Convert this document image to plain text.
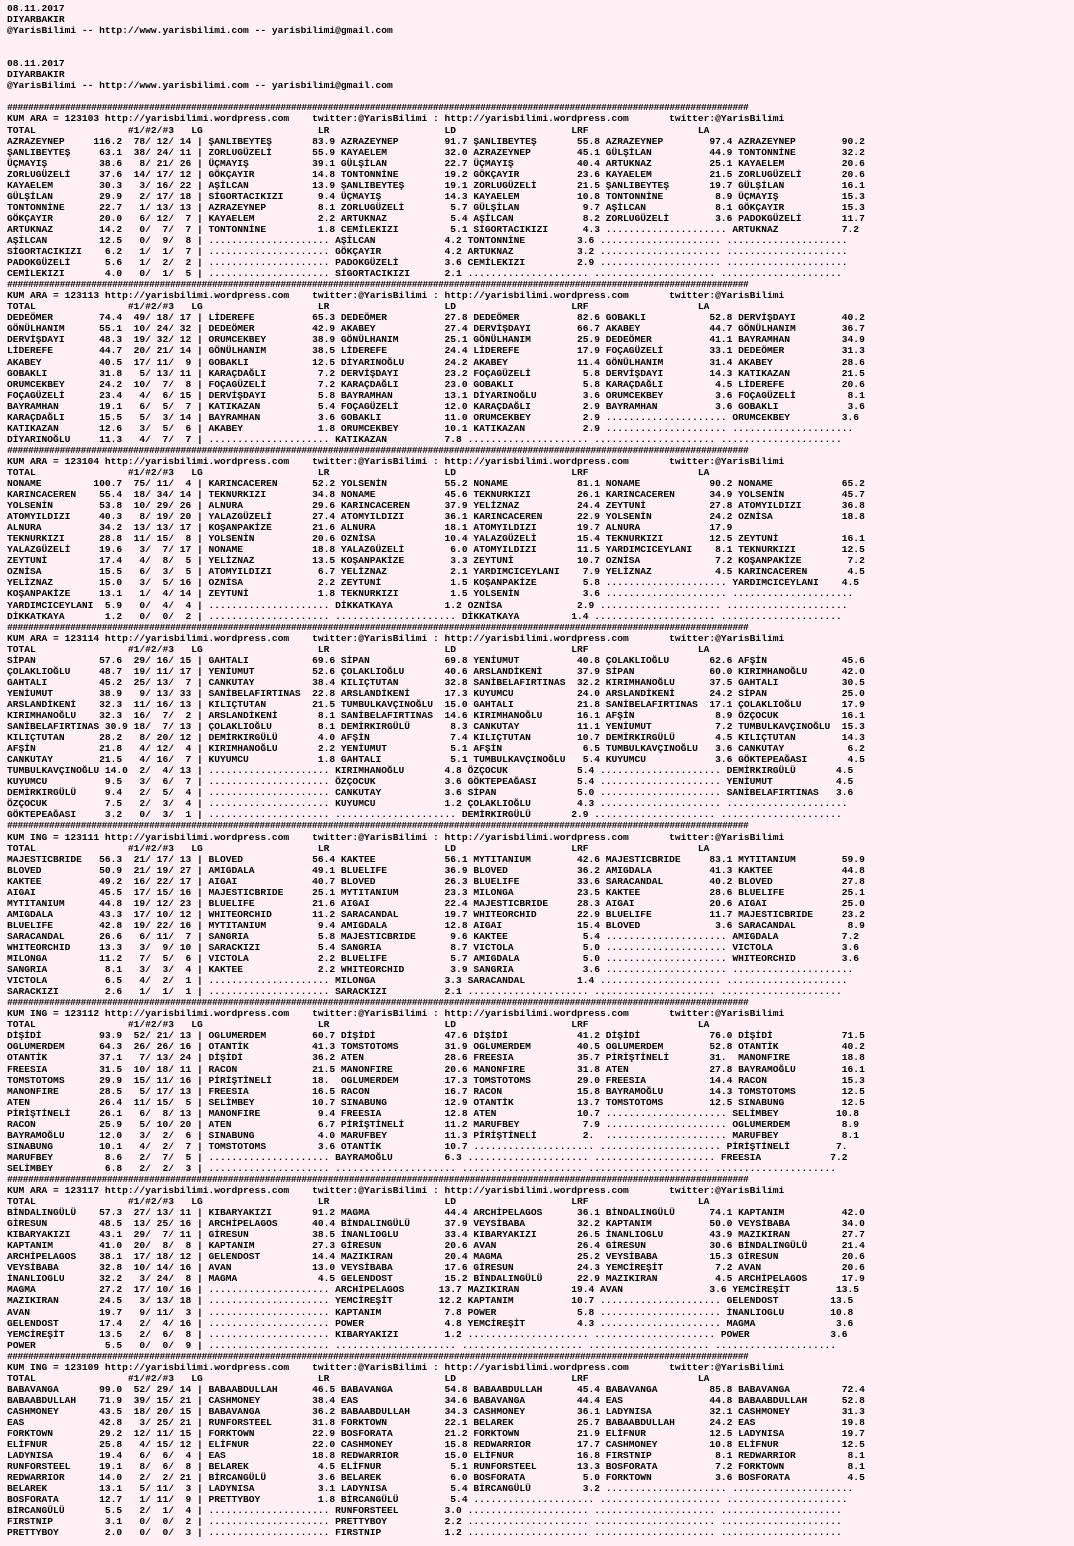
08.11.2017
DIYARBAKIR
@YarisBilimi -- http://www.yarisbilimi.com -- yarisbilimi@gmail.com

08.11.2017
DIYARBAKIR
@YarisBilimi -- http://www.yarisbilimi.com -- yarisbilimi@gmail.com

#############################################################################################################################################
KUM ARA = 123103 http://yarisbilimi.wordpress.com    twitter:@YarisBilimi : http://yarisbilimi.wordpress.com       twitter:@YarisBilimi
TOTAL                #1/#2/#3   LG                    LR                    LD                    LRF                   LA
AZRAZEYNEP     116.2  78/ 12/ 14 | ŞANLIBEYTEŞ       83.9 AZRAZEYNEP        91.7 ŞANLIBEYTEŞ       55.8 AZRAZEYNEP        97.4 AZRAZEYNEP        90.2
ŞANLIBEYTEŞ     63.1  38/ 24/ 11 | ZORLUGÜZELİ       55.9 KAYAELEM          32.0 AZRAZEYNEP        45.1 GÜLŞİLAN          44.9 TONTONNİNE        32.2
ÜÇMAYIŞ         38.6   8/ 21/ 26 | ÜÇMAYIŞ           39.1 GÜLŞİLAN          22.7 ÜÇMAYIŞ           40.4 ARTUKNAZ          25.1 KAYAELEM          20.6
ZORLUGÜZELİ     37.6  14/ 17/ 12 | GÖKÇAYIR          14.8 TONTONNİNE        19.2 GÖKÇAYIR          23.6 KAYAELEM          21.5 ZORLUGÜZELİ       20.6
KAYAELEM        30.3   3/ 16/ 22 | AŞİLCAN           13.9 ŞANLIBEYTEŞ       19.1 ZORLUGÜZELİ       21.5 ŞANLIBEYTEŞ       19.7 GÜLŞİLAN          16.1
GÜLŞİLAN        29.9   2/ 17/ 18 | SİGORTACIKIZI      9.4 ÜÇMAYIŞ           14.3 KAYAELEM          10.8 TONTONNİNE         8.9 ÜÇMAYIŞ           15.3
TONTONNİNE      22.7   1/ 13/ 13 | AZRAZEYNEP         8.1 ZORLUGÜZELİ        5.7 GÜLŞİLAN           9.7 AŞİLCAN            8.1 GÖKÇAYIR          15.3
GÖKÇAYIR        20.0   6/ 12/  7 | KAYAELEM           2.2 ARTUKNAZ           5.4 AŞİLCAN            8.2 ZORLUGÜZELİ        3.6 PADOKGÜZELİ       11.7
ARTUKNAZ        14.2   0/  7/  7 | TONTONNİNE         1.8 CEMİLEKIZI         5.1 SİGORTACIKIZI      4.3 ..................... ARTUKNAZ           7.2
AŞİLCAN         12.5   0/  9/  8 | ..................... AŞİLCAN            4.2 TONTONNİNE         3.6 ..................... .....................
SİGORTACIKIZI    6.2   1/  1/  7 | ..................... GÖKÇAYIR           4.2 ARTUKNAZ           3.2 ..................... .....................
PADOKGÜZELİ      5.6   1/  2/  2 | ..................... PADOKGÜZELİ        3.6 CEMİLEKIZI         2.9 ..................... .....................
CEMİLEKIZI       4.0   0/  1/  5 | ..................... SİGORTACIKIZI      2.1 ..................... ..................... .....................
#############################################################################################################################################
KUM ARA = 123113 http://yarisbilimi.wordpress.com    twitter:@YarisBilimi : http://yarisbilimi.wordpress.com       twitter:@YarisBilimi
TOTAL                #1/#2/#3   LG                    LR                    LD                    LRF                   LA
DEDEÖMER        74.4  49/ 18/ 17 | LİDEREFE          65.3 DEDEÖMER          27.8 DEDEÖMER          82.6 GOBAKLI           52.8 DERVİŞDAYI        40.2
GÖNÜLHANIM      55.1  10/ 24/ 32 | DEDEÖMER          42.9 AKABEY            27.4 DERVİŞDAYI        66.7 AKABEY            44.7 GÖNÜLHANIM        36.7
DERVİŞDAYI      48.3  19/ 32/ 12 | ORUMCEKBEY        38.9 GÖNÜLHANIM        25.1 GÖNÜLHANIM        25.9 DEDEÖMER          41.1 BAYRAMHAN         34.9
LİDEREFE        44.7  20/ 21/ 14 | GÖNÜLHANIM        38.5 LİDEREFE          24.4 LİDEREFE          17.9 FOÇAGÜZELİ        33.1 DEDEÖMER          31.3
AKABEY          40.5  17/ 11/  9 | GOBAKLI           12.5 DİYARINOĞLU       24.2 AKABEY            11.4 GÖNÜLHANIM        31.4 AKABEY            28.6
GOBAKLI         31.8   5/ 13/ 11 | KARAÇDAĞLI         7.2 DERVİŞDAYI        23.2 FOÇAGÜZELİ         5.8 DERVİŞDAYI        14.3 KATIKAZAN         21.5
ORUMCEKBEY      24.2  10/  7/  8 | FOÇAGÜZELİ         7.2 KARAÇDAĞLI        23.0 GOBAKLI            5.8 KARAÇDAĞLI         4.5 LİDEREFE          20.6
FOÇAGÜZELİ      23.4   4/  6/ 15 | DERVİŞDAYI         5.8 BAYRAMHAN         13.1 DİYARINOĞLU        3.6 ORUMCEKBEY         3.6 FOÇAGÜZELİ         8.1
BAYRAMHAN       19.1   6/  5/  7 | KATIKAZAN          5.4 FOÇAGÜZELİ        12.0 KARAÇDAĞLI         2.9 BAYRAMHAN          3.6 GOBAKLI            3.6
KARAÇDAĞLI      15.5   5/  3/ 14 | BAYRAMHAN          3.6 GOBAKLI           11.0 ORUMCEKBEY         2.9 ..................... ORUMCEKBEY         3.6
KATIKAZAN       12.6   3/  5/  6 | AKABEY             1.8 ORUMCEKBEY        10.1 KATIKAZAN          2.9 ..................... .....................
DİYARINOĞLU     11.3   4/  7/  7 | ..................... KATIKAZAN          7.8 ..................... ..................... .....................
#############################################################################################################################################
KUM ARA = 123104 http://yarisbilimi.wordpress.com    twitter:@YarisBilimi : http://yarisbilimi.wordpress.com       twitter:@YarisBilimi
TOTAL                #1/#2/#3   LG                    LR                    LD                    LRF                   LA
NONAME         100.7  75/ 11/  4 | KARINCACEREN      52.2 YOLSENİN          55.2 NONAME            81.1 NONAME            90.2 NONAME            65.2
KARINCACEREN    55.4  18/ 34/ 14 | TEKNURKIZI        34.8 NONAME            45.6 TEKNURKIZI        26.1 KARINCACEREN      34.9 YOLSENİN          45.7
YOLSENİN        53.8  10/ 29/ 26 | ALNURA            29.6 KARINCACEREN      37.9 YELİZNAZ          24.4 ZEYTUNİ           27.8 ATOMYILDIZI       36.8
ATOMYILDIZI     40.3   8/ 19/ 20 | YALAZGÜZELİ       27.4 ATOMYILDIZI       36.1 KARINCACEREN      22.9 YOLSENİN          24.2 OZNİSA            18.8
ALNURA          34.2  13/ 13/ 17 | KOŞANPAKİZE       21.6 ALNURA            18.1 ATOMYILDIZI       19.7 ALNURA            17.9
TEKNURKIZI      28.8  11/ 15/  8 | YOLSENİN          20.6 OZNİSA            10.4 YALAZGÜZELİ       15.4 TEKNURKIZI        12.5 ZEYTUNİ           16.1
YALAZGÜZELİ     19.6   3/  7/ 17 | NONAME            18.8 YALAZGÜZELİ        6.0 ATOMYILDIZI       11.5 YARDIMCICEYLANI    8.1 TEKNURKIZI        12.5
ZEYTUNİ         17.4   4/  8/  5 | YELİZNAZ          13.5 KOŞANPAKİZE        3.3 ZEYTUNİ           10.7 OZNİSA             7.2 KOŞANPAKİZE        7.2
OZNİSA          15.5   6/  3/  5 | ATOMYILDIZI        6.7 YELİZNAZ           2.1 YARDIMCICEYLANI    7.9 YELİZNAZ           4.5 KARINCACEREN       4.5
YELİZNAZ        15.0   3/  5/ 16 | OZNİSA             2.2 ZEYTUNİ            1.5 KOŞANPAKİZE        5.8 ..................... YARDIMCICEYLANI    4.5
KOŞANPAKİZE     13.1   1/  4/ 14 | ZEYTUNİ            1.8 TEKNURKIZI         1.5 YOLSENİN           3.6 ..................... .....................
YARDIMCICEYLANI  5.9   0/  4/  4 | ..................... DİKKATKAYA         1.2 OZNİSA             2.9 ..................... .....................
DİKKATKAYA       1.2   0/  0/  2 | ..................... ..................... DİKKATKAYA         1.4 ..................... .....................
#############################################################################################################################################
KUM ARA = 123114 http://yarisbilimi.wordpress.com    twitter:@YarisBilimi : http://yarisbilimi.wordpress.com       twitter:@YarisBilimi
TOTAL                #1/#2/#3   LG                    LR                    LD                    LRF                   LA
SİPAN           57.6  29/ 16/ 15 | GAHTALI           69.6 SİPAN             69.8 YENİUMUT          40.8 ÇOLAKLIOĞLU       62.6 AFŞİN             45.6
ÇOLAKLIOĞLU     48.7  19/ 11/ 17 | YENİUMUT          52.6 ÇOLAKLIOĞLU       40.6 ARSLANDİKENİ      37.9 SİPAN             60.0 KIRIMHANOĞLU      42.0
GAHTALI         45.2  25/ 13/  7 | CANKUTAY          38.4 KILIÇTUTAN        32.8 SANİBELAFIRTINAS  32.2 KIRIMHANOĞLU      37.5 GAHTALI           30.5
YENİUMUT        38.9   9/ 13/ 33 | SANİBELAFIRTINAS  22.8 ARSLANDİKENİ      17.3 KUYUMCU           24.0 ARSLANDİKENİ      24.2 SİPAN             25.0
ARSLANDİKENİ    32.3  11/ 16/ 13 | KILIÇTUTAN        21.5 TUMBULKAVÇINOĞLU  15.0 GAHTALI           21.8 SANİBELAFIRTINAS  17.1 ÇOLAKLIOĞLU       17.9
KIRIMHANOĞLU    32.3  16/  7/  2 | ARSLANDİKENİ       8.1 SANİBELAFIRTINAS  14.6 KIRIMHANOĞLU      16.1 AFŞİN              8.9 ÖZÇOCUK           16.1
SANİBELAFIRTINAS 30.9 18/  7/ 13 | ÇOLAKLIOĞLU        8.1 DEMİRKIRGÜLÜ       8.3 CANKUTAY          11.1 YENİUMUT           7.2 TUMBULKAVÇINOĞLU  15.3
KILIÇTUTAN      28.2   8/ 20/ 12 | DEMİRKIRGÜLÜ       4.0 AFŞİN              7.4 KILIÇTUTAN        10.7 DEMİRKIRGÜLÜ       4.5 KILIÇTUTAN        14.3
AFŞİN           21.8   4/ 12/  4 | KIRIMHANOĞLU       2.2 YENİUMUT           5.1 AFŞİN              6.5 TUMBULKAVÇINOĞLU   3.6 CANKUTAY           6.2
CANKUTAY        21.5   4/ 16/  7 | KUYUMCU            1.8 GAHTALI            5.1 TUMBULKAVÇINOĞLU   5.4 KUYUMCU            3.6 GÖKTEPEAĞASI       4.5
TUMBULKAVÇINOĞLU 14.0  2/  4/ 13 | ..................... KIRIMHANOĞLU       4.8 ÖZÇOCUK            5.4 ..................... DEMİRKIRGÜLÜ       4.5
KUYUMCU          9.5   3/  6/  7 | ..................... ÖZÇOCUK            3.6 GÖKTEPEAĞASI       5.4 ..................... YENİUMUT           4.5
DEMİRKIRGÜLÜ     9.4   2/  5/  4 | ..................... CANKUTAY           3.6 SİPAN              5.0 ..................... SANİBELAFIRTINAS   3.6
ÖZÇOCUK          7.5   2/  3/  4 | ..................... KUYUMCU            1.2 ÇOLAKLIOĞLU        4.3 ..................... .....................
GÖKTEPEAĞASI     3.2   0/  3/  1 | ..................... ..................... DEMİRKIRGÜLÜ       2.9 ..................... .....................
#############################################################################################################################################
KUM ING = 123111 http://yarisbilimi.wordpress.com    twitter:@YarisBilimi : http://yarisbilimi.wordpress.com       twitter:@YarisBilimi
TOTAL                #1/#2/#3   LG                    LR                    LD                    LRF                   LA
MAJESTICBRIDE   56.3  21/ 17/ 13 | BLOVED            56.4 KAKTEE            56.1 MYTITANIUM        42.6 MAJESTICBRIDE     83.1 MYTITANIUM        59.9
BLOVED          50.9  21/ 19/ 27 | AMIGDALA          49.1 BLUELIFE          36.9 BLOVED            36.2 AMIGDALA          41.3 KAKTEE            44.8
KAKTEE          49.2  16/ 22/ 17 | AIGAI             40.7 BLOVED            26.3 BLUELIFE          33.6 SARACANDAL        40.2 BLOVED            27.8
AIGAI           45.5  17/ 15/ 16 | MAJESTICBRIDE     25.1 MYTITANIUM        23.3 MILONGA           23.5 KAKTEE            28.6 BLUELIFE          25.1
MYTITANIUM      44.8  19/ 12/ 23 | BLUELIFE          21.6 AIGAI             22.4 MAJESTICBRIDE     28.3 AIGAI             20.6 AIGAI             25.0
AMIGDALA        43.3  17/ 10/ 12 | WHITEORCHID       11.2 SARACANDAL        19.7 WHITEORCHID       22.9 BLUELIFE          11.7 MAJESTICBRIDE     23.2
BLUELIFE        42.8  19/ 22/ 16 | MYTITANIUM         9.4 AMIGDALA          12.8 AIGAI             15.4 BLOVED             3.6 SARACANDAL         8.9
SARACANDAL      26.6   6/ 11/  7 | SANGRIA            5.8 MAJESTICBRIDE      9.6 KAKTEE             5.4 ..................... AMIGDALA           7.2
WHITEORCHID     13.3   3/  9/ 10 | SARACKIZI          5.4 SANGRIA            8.7 VICTOLA            5.0 ..................... VICTOLA            3.6
MILONGA         11.2   7/  5/  6 | VICTOLA            2.2 BLUELIFE           5.7 AMIGDALA           5.0 ..................... WHITEORCHID        3.6
SANGRIA          8.1   3/  3/  4 | KAKTEE             2.2 WHITEORCHID        3.9 SANGRIA            3.6 ..................... .....................
VICTOLA          6.5   4/  2/  1 | ..................... MILONGA            3.3 SARACANDAL         1.4 ..................... .....................
SARACKIZI        2.6   1/  1/  1 | ..................... SARACKIZI          2.1 ..................... ..................... .....................
#############################################################################################################################################
KUM ING = 123112 http://yarisbilimi.wordpress.com    twitter:@YarisBilimi : http://yarisbilimi.wordpress.com       twitter:@YarisBilimi
TOTAL                #1/#2/#3   LG                    LR                    LD                    LRF                   LA
DİŞİDİ          93.9  52/ 21/ 13 | OGLUMERDEM        60.7 DİŞİDİ            47.6 DİŞİDİ            41.2 DİŞİDİ            76.0 DİŞİDİ            71.5
OGLUMERDEM      64.3  26/ 26/ 16 | OTANTİK           41.3 TOMSTOTOMS        31.9 OGLUMERDEM        40.5 OGLUMERDEM        52.8 OTANTİK           40.2
OTANTİK         37.1   7/ 13/ 24 | DİŞİDİ            36.2 ATEN              28.6 FREESIA           35.7 PİRİŞTİNELİ       31.  MANONFIRE         18.8
FREESIA         31.5  10/ 18/ 11 | RACON             21.5 MANONFIRE         20.6 MANONFIRE         31.8 ATEN              27.8 BAYRAMOĞLU        16.1
TOMSTOTOMS      29.9  15/ 11/ 16 | PİRİŞTİNELİ       18.  OGLUMERDEM        17.3 TOMSTOTOMS        29.0 FREESIA           14.4 RACON             15.3
MANONFIRE       28.5   5/ 17/ 13 | FREESIA           16.5 RACON             16.7 RACON             15.8 BAYRAMOĞLU        14.3 TOMSTOTOMS        12.5
ATEN            26.4  11/ 15/  5 | SELİMBEY          10.7 SINABUNG          12.9 OTANTİK           13.7 TOMSTOTOMS        12.5 SINABUNG          12.5
PİRİŞTİNELİ     26.1   6/  8/ 13 | MANONFIRE          9.4 FREESIA           12.8 ATEN              10.7 ..................... SELİMBEY          10.8
RACON           25.9   5/ 10/ 20 | ATEN               6.7 PİRİŞTİNELİ       11.2 MARUFBEY           7.9 ..................... OGLUMERDEM         8.9
BAYRAMOĞLU      12.0   3/  2/  6 | SINABUNG           4.0 MARUFBEY          11.3 PİRİŞTİNELİ        2.  ..................... MARUFBEY           8.1
SINABUNG        10.1   4/  2/  7 | TOMSTOTOMS         3.6 OTANTİK           10.7 ..................... ..................... PİRİŞTİNELİ        7.
MARUFBEY         8.6   2/  7/  5 | ..................... BAYRAMOĞLU         6.3 ..................... ..................... FREESIA            7.2
SELİMBEY         6.8   2/  2/  3 | ..................... ..................... ..................... ..................... .....................
#############################################################################################################################################
KUM ARA = 123117 http://yarisbilimi.wordpress.com    twitter:@YarisBilimi : http://yarisbilimi.wordpress.com       twitter:@YarisBilimi
TOTAL                #1/#2/#3   LG                    LR                    LD                    LRF                   LA
BİNDALINGÜLÜ    57.3  27/ 13/ 11 | KIBARYAKIZI       91.2 MAGMA             44.4 ARCHİPELAGOS      36.1 BİNDALINGÜLÜ      74.1 KAPTANIM          42.0
GİRESUN         48.5  13/ 25/ 16 | ARCHİPELAGOS      40.4 BİNDALINGÜLÜ      37.9 VEYSİBABA         32.2 KAPTANIM          50.0 VEYSİBABA         34.0
KIBARYAKIZI     43.1  29/  7/ 11 | GİRESUN           38.5 İNANLIOGLU        33.4 KIBARYAKIZI       26.5 İNANLIOGLU        43.9 MAZIKIRAN         27.7
KAPTANIM        41.0  20/  8/  8 | KAPTANIM          27.3 GİRESUN           20.6 AVAN              26.4 GİRESUN           30.6 BİNDALINGÜLÜ      21.4
ARCHİPELAGOS    38.1  17/ 18/ 12 | GELENDOST         14.4 MAZIKIRAN         20.4 MAGMA             25.2 VEYSİBABA         15.3 GİRESUN           20.6
VEYSİBABA       32.8  10/ 14/ 16 | AVAN              13.0 VEYSİBABA         17.6 GİRESUN           24.3 YEMCİREŞİT         7.2 AVAN              20.6
İNANLIOGLU      32.2   3/ 24/  8 | MAGMA              4.5 GELENDOST         15.2 BİNDALINGÜLÜ      22.9 MAZIKIRAN          4.5 ARCHİPELAGOS      17.9
MAGMA           27.2  17/ 10/ 16 | ..................... ARCHİPELAGOS      13.7 MAZIKIRAN         19.4 AVAN               3.6 YEMCİREŞİT        13.5
MAZIKIRAN       24.5   3/ 13/ 18 | ..................... YEMCİREŞİT        12.2 KAPTANIM          10.7 ..................... GELENDOST         13.5
AVAN            19.7   9/ 11/  3 | ..................... KAPTANIM           7.8 POWER              5.8 ..................... İNANLIOGLU        10.8
GELENDOST       17.4   2/  4/ 16 | ..................... POWER              4.8 YEMCİREŞİT         4.3 ..................... MAGMA              3.6
YEMCİREŞİT      13.5   2/  6/  8 | ..................... KIBARYAKIZI        1.2 ..................... ..................... POWER              3.6
POWER            5.5   0/  0/  9 | ..................... ..................... ..................... ..................... .....................
#############################################################################################################################################
KUM ING = 123109 http://yarisbilimi.wordpress.com    twitter:@YarisBilimi : http://yarisbilimi.wordpress.com       twitter:@YarisBilimi
TOTAL                #1/#2/#3   LG                    LR                    LD                    LRF                   LA
BABAVANGA       99.0  52/ 29/ 14 | BABAABDULLAH      46.5 BABAVANGA         54.8 BABAABDULLAH      45.4 BABAVANGA         85.8 BABAVANGA         72.4
BABAABDULLAH    71.9  39/ 15/ 21 | CASHMONEY         38.4 EAS               34.6 BABAVANGA         44.4 EAS               44.8 BABAABDULLAH      52.8
CASHMONEY       43.5  18/ 20/ 15 | BABAVANGA         36.2 BABAABDULLAH      34.3 CASHMONEY         36.1 LADYNISA          32.1 CASHMONEY         31.3
EAS             42.8   3/ 25/ 21 | RUNFORSTEEL       31.8 FORKTOWN          22.1 BELAREK           25.7 BABAABDULLAH      24.2 EAS               19.8
FORKTOWN        29.2  12/ 11/ 15 | FORKTOWN          22.9 BOSFORATA         21.2 FORKTOWN          21.9 ELİFNUR           12.5 LADYNISA          19.7
ELİFNUR         25.8   4/ 15/ 12 | ELİFNUR           22.0 CASHMONEY         15.8 REDWARRIOR        17.7 CASHMONEY         10.8 ELİFNUR           12.5
LADYNISA        19.4   6/  6/  4 | EAS               18.8 REDWARRIOR        15.0 ELİFNUR           16.8 FIRSTNIP           8.1 REDWARRIOR         8.1
RUNFORSTEEL     19.1   8/  6/  8 | BELAREK            4.5 ELİFNUR            5.1 RUNFORSTEEL       13.3 BOSFORATA          7.2 FORKTOWN           8.1
REDWARRIOR      14.0   2/  2/ 21 | BİRCANGÜLÜ         3.6 BELAREK            6.0 BOSFORATA          5.0 FORKTOWN           3.6 BOSFORATA          4.5
BELAREK         13.1   5/ 11/  3 | LADYNISA           3.1 LADYNISA           5.4 BİRCANGÜLÜ         3.2 ..................... .....................
BOSFORATA       12.7   1/ 11/  9 | PRETTYBOY          1.8 BİRCANGÜLÜ         5.4 ..................... ..................... .....................
BİRCANGÜLÜ       5.5   2/  1/  4 | ..................... RUNFORSTEEL        3.0 ..................... ..................... .....................
FIRSTNIP         3.1   0/  0/  2 | ..................... PRETTYBOY          2.2 ..................... ..................... .....................
PRETTYBOY        2.0   0/  0/  3 | ..................... FIRSTNIP           1.2 ..................... ..................... .....................
